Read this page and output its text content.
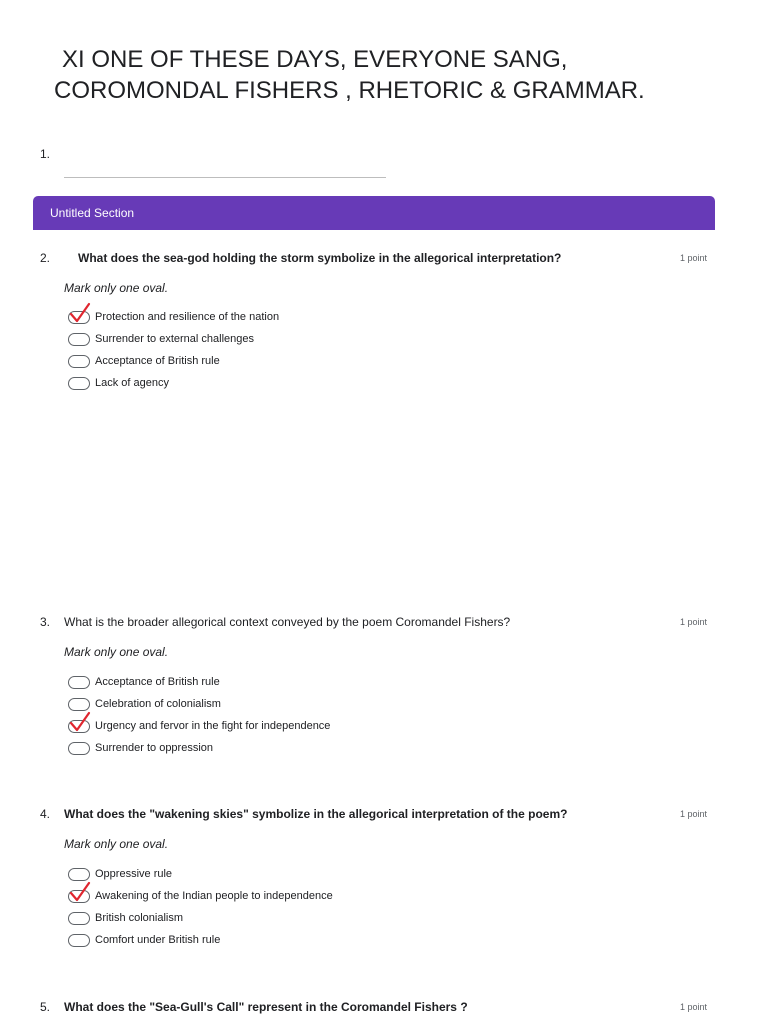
XI ONE OF THESE DAYS, EVERYONE SANG,
COROMONDAL FISHERS , RHETORIC & GRAMMAR.
1.
Untitled Section
2. What does the sea-god holding the storm symbolize in the allegorical interpretation?	1 point
Mark only one oval.
Protection and resilience of the nation
Surrender to external challenges
Acceptance of British rule
Lack of agency
3. What is the broader allegorical context conveyed by the poem Coromandel Fishers?	1 point
Mark only one oval.
Acceptance of British rule
Celebration of colonialism
Urgency and fervor in the fight for independence
Surrender to oppression
4. What does the "wakening skies" symbolize in the allegorical interpretation of the poem?	1 point
Mark only one oval.
Oppressive rule
Awakening of the Indian people to independence
British colonialism
Comfort under British rule
5. What does the "Sea-Gull's Call" represent in the Coromandel Fishers ?	1 point
